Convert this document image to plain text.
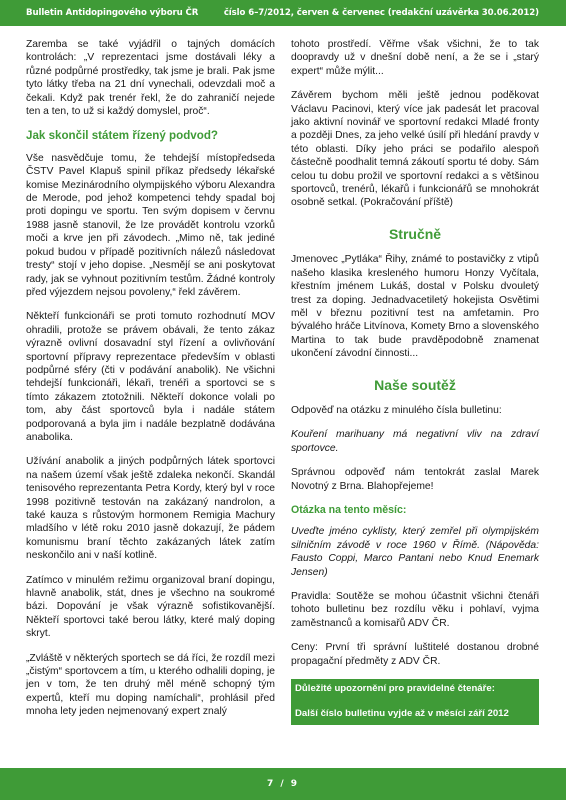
Bulletin Antidopingového výboru ČR	číslo 6–7/2012, červen & červenec (redakční uzávěrka 30.06.2012)

Zaremba se také vyjádřil o tajných domácích kontrolách: „V reprezentaci jsme dostávali léky a různé podpůrné prostředky, tak jsme je brali. Pak jsme tyto látky třeba na 21 dní vynechali, odevzdali moč a čekali. Když pak trenér řekl, že do zahraničí nejede ten a ten, to už si každý domyslel, proč“.

Jak skončil státem řízený podvod?

Vše nasvědčuje tomu, že tehdejší místopředseda ČSTV Pavel Klapuš spinil příkaz předsedy lékařské komise Mezinárodního olympijského výboru Alexandra de Merode, pod jehož kompetenci tehdy spadal boj proti dopingu ve sportu. Ten svým dopisem v červnu 1988 jasně stanovil, že lze provádět kontrolu vzorků moči a krve jen při závodech. „Mimo ně, tak jediné pokud budou v případě pozitivních nálezů následovat tresty“ stojí v jeho dopise. „Nesmějí se ani poskytovat rady, jak se vyhnout pozitivním testům. Žádné kontroly před výjezdem nejsou povoleny,“ řekl závěrem.

Někteří funkcionáři se proti tomuto rozhodnutí MOV ohradili, protože se právem obávali, že tento zákaz výrazně ovlivní dosavadní styl řízení a ovlivňování sportovní přípravy reprezentace především v oblasti podpůrné sféry (čti v podávání anabolik). Ne všichni tehdejší funkcionáři, lékaři, trenéři a sportovci se s tímto zákazem ztotožnili. Někteří dokonce volali po tom, aby část sportovců byla i nadále státem podporovaná a byla jim i nadále bezplatně dodávána anabolika.

Užívání anabolik a jiných podpůrných látek sportovci na našem území však ještě zdaleka nekončí. Skandál tenisového reprezentanta Petra Kordy, který byl v roce 1998 pozitivně testován na zakázaný nandrolon, a také kauza s růstovým hormonem Remigia Machury mladšího v létě roku 2010 jasně dokazují, že pádem komunismu braní těchto zakázaných látek zatím neskončilo ani v naší kotlině.

Zatímco v minulém režimu organizoval braní dopingu, hlavně anabolik, stát, dnes je všechno na soukromé bázi. Dopování je však výrazně sofistikovanější. Někteří sportovci také berou látky, které malý doping skryt.

„Zvláště v některých sportech se dá říci, že rozdíl mezi „čistým“ sportovcem a tím, u kterého odhalili doping, je jen v tom, že ten druhý měl méně schopný tým expertů, kteří mu doping namíchali“, prohlásil před mnoha lety jeden nejmenovaný expert znalý

tohoto prostředí. Věřme však všichni, že to tak doopravdy už v dnešní době není, a že se i „starý expert“ může mýlit...

Závěrem bychom měli ještě jednou poděkovat Václavu Pacinovi, který více jak padesát let pracoval jako aktivní novinář ve sportovní redakci Mladé fronty a později Dnes, za jeho velké úsilí při hledání pravdy v této oblasti. Díky jeho práci se podařilo alespoň částečně poodhalit temná zákoutí sportu té doby. Sám celou tu dobu prožil ve sportovní redakci a s většinou sportovců, trenérů, lékařů i funkcionářů se mnohokrát osobně setkal. (Pokračování příště)

Stručně

Jmenovec „Pytláka“ Řihy, známé to postavičky z vtipů našeho klasika kresleného humoru Honzy Vyčítala, křestním jménem Lukáš, dostal v Polsku dvouletý trest za doping. Jednadvacetiletý hokejista Osvětimi měl v březnu pozitivní test na amfetamin. Pro bývalého hráče Litvínova, Komety Brno a slovenského Martina to tak bude pravděpodobně znamenat ukončení závodní činnosti...

Naše soutěž

Odpověď na otázku z minulého čísla bulletinu:

Kouření marihuany má negativní vliv na zdraví sportovce.

Správnou odpověď nám tentokrát zaslal Marek Novotný z Brna. Blahopřejeme!

Otázka na tento měsíc:

Uveďte jméno cyklisty, který zemřel při olympijském silničním závodě v roce 1960 v Římě. (Nápověda: Fausto Coppi, Marco Pantani nebo Knud Enemark Jensen)

Pravidla: Soutěže se mohou účastnit všichni čtenáři tohoto bulletinu bez rozdílu věku i pohlaví, vyjma zaměstnanců a komisařů ADV ČR.

Ceny: První tři správní luštitelé dostanou drobné propagační předměty z ADV ČR.

Důležité upozornění pro pravidelné čtenáře:
Další číslo bulletinu vyjde až v měsíci září 2012
7 / 9
